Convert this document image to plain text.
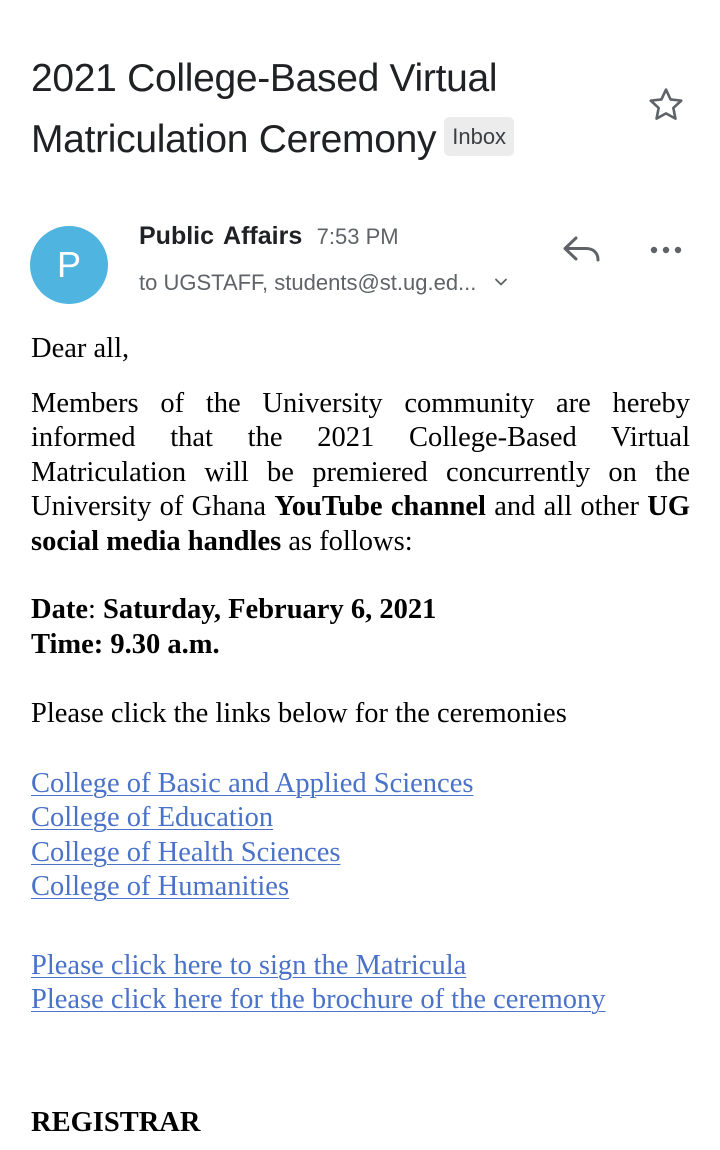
2021 College-Based Virtual Matriculation Ceremony Inbox
P
Public Affairs 7:53 PM
to UGSTAFF, students@st.ug.ed...

Dear all,

Members of the University community are hereby informed that the 2021 College-Based Virtual Matriculation will be premiered concurrently on the University of Ghana YouTube channel and all other UG social media handles as follows:

Date: Saturday, February 6, 2021

Time: 9.30 a.m.

Please click the links below for the ceremonies

College of Basic and Applied Sciences
College of Education
College of Health Sciences
College of Humanities
Please click here to sign the Matricula
Please click here for the brochure of the ceremony

REGISTRAR
